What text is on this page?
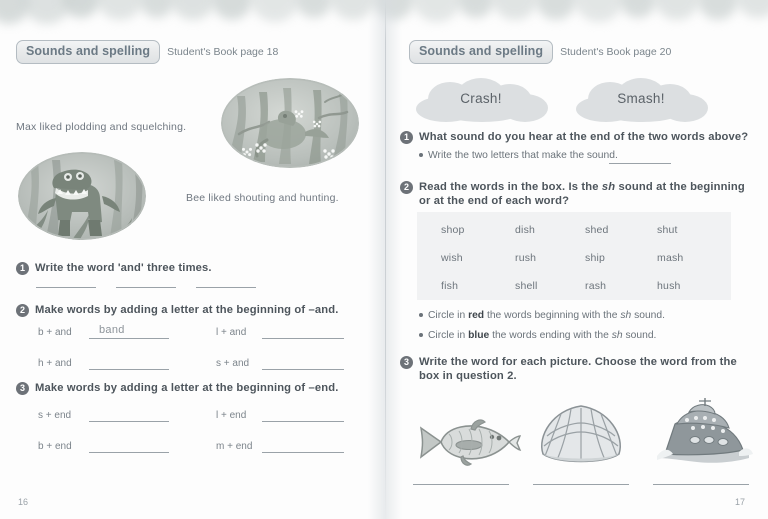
Sounds and spelling	Student's Book page 18
Max liked plodding and squelching.
Bee liked shouting and hunting.
1 Write the word 'and' three times.
2 Make words by adding a letter at the beginning of –and.
b + and band	l + and
h + and	s + and
3 Make words by adding a letter at the beginning of –end.
s + end	l + end
b + end	m + end
16
Sounds and spelling	Student's Book page 20
Crash!	Smash!
1 What sound do you hear at the end of the two words above?
Write the two letters that make the sound.
2 Read the words in the box. Is the sh sound at the beginning
or at the end of each word?
shop	dish	shed	shut
wish	rush	ship	mash
fish	shell	rash	hush
Circle in red the words beginning with the sh sound.
Circle in blue the words ending with the sh sound.
3 Write the word for each picture. Choose the word from the
box in question 2.
17
